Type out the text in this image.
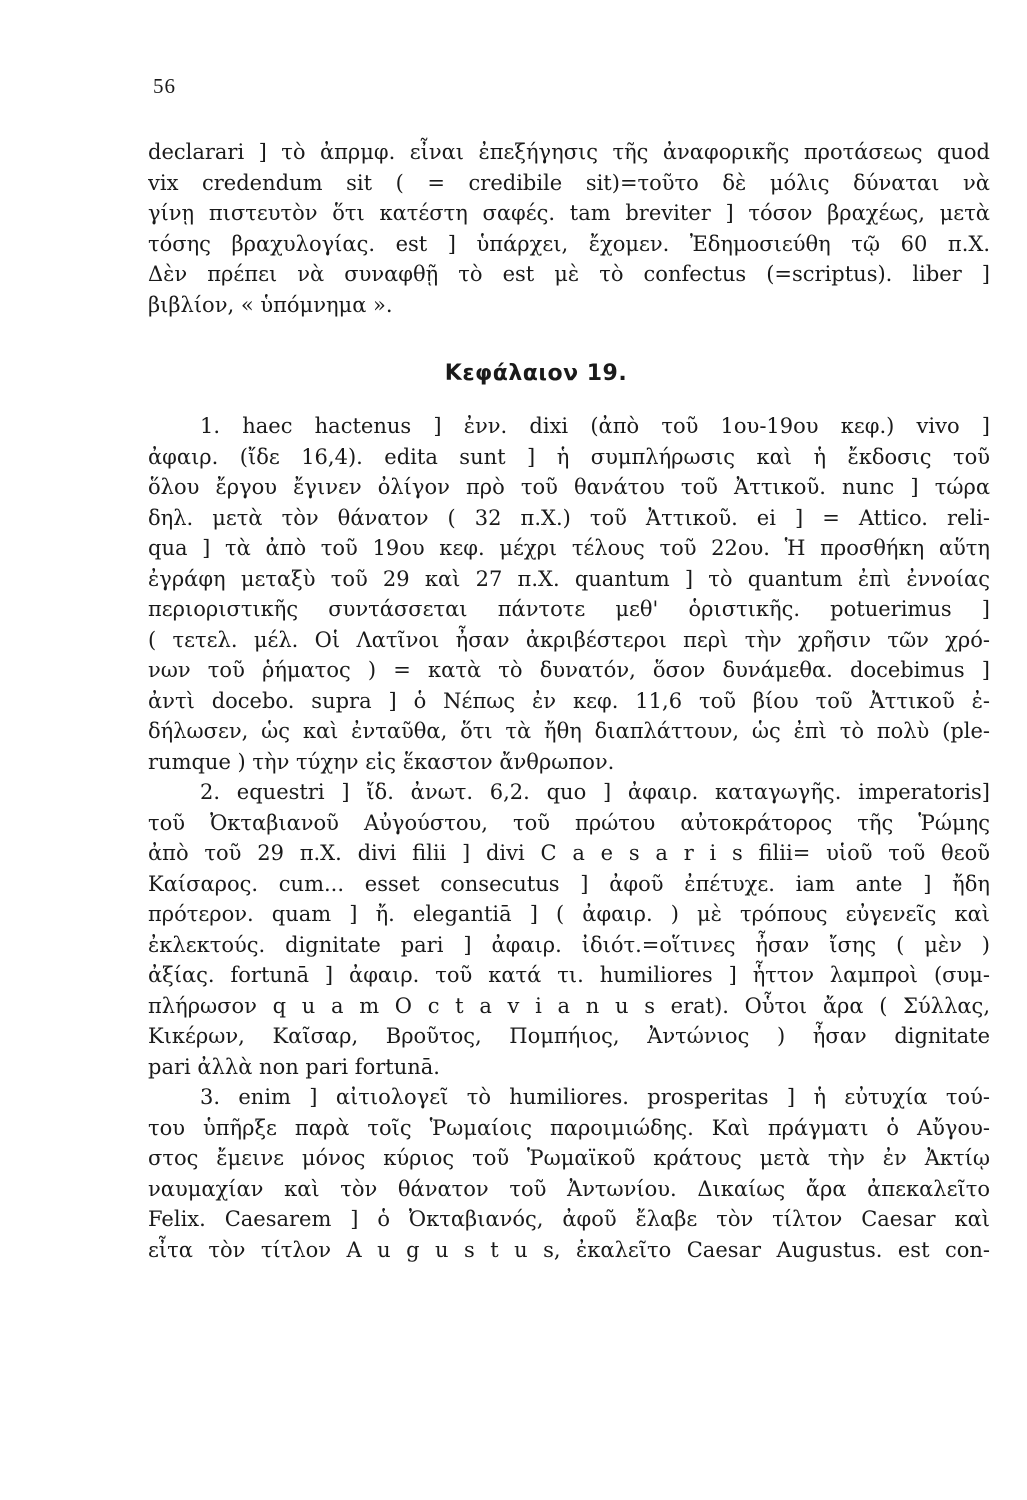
56
declarari ] τὸ ἀπρμφ. εἶναι ἐπεξήγησις τῆς ἀναφορικῆς προτάσεως quod
vix credendum sit ( = credibile sit)=τοῦτο δὲ μόλις δύναται νὰ
γίνῃ πιστευτὸν ὅτι κατέστη σαφές. tam breviter ] τόσον βραχέως, μετὰ
τόσης βραχυλογίας. est ] ὑπάρχει, ἔχομεν. Ἐδημοσιεύθη τῷ 60 π.Χ.
Δὲν πρέπει νὰ συναφθῇ τὸ est μὲ τὸ confectus (=scriptus). liber ]
βιβλίον, « ὑπόμνημα ».
Κεφάλαιον 19.
1. haec hactenus ] ἐνν. dixi (ἀπὸ τοῦ 1ου-19ου κεφ.) vivo ]
ἀφαιρ. (ἴδε 16,4). edita sunt ] ἡ συμπλήρωσις καὶ ἡ ἔκδοσις τοῦ
ὅλου ἔργου ἔγινεν ὀλίγον πρὸ τοῦ θανάτου τοῦ Ἀττικοῦ. nunc ] τώρα
δηλ. μετὰ τὸν θάνατον ( 32 π.Χ.) τοῦ Ἀττικοῦ. ei ] = Attico. reli-
qua ] τὰ ἀπὸ τοῦ 19ου κεφ. μέχρι τέλους τοῦ 22ου. Ἡ προσθήκη αὕτη
ἐγράφη μεταξὺ τοῦ 29 καὶ 27 π.Χ. quantum ] τὸ quantum ἐπὶ ἐννοίας
περιοριστικῆς συντάσσεται πάντοτε μεθ' ὁριστικῆς. potuerimus ]
( τετελ. μέλ. Οἱ Λατῖνοι ἦσαν ἀκριβέστεροι περὶ τὴν χρῆσιν τῶν χρό-
νων τοῦ ῥήματος ) = κατὰ τὸ δυνατόν, ὅσον δυνάμεθα. docebimus ]
ἀντὶ docebo. supra ] ὁ Νέπως ἐν κεφ. 11,6 τοῦ βίου τοῦ Ἀττικοῦ ἐ-
δήλωσεν, ὡς καὶ ἐνταῦθα, ὅτι τὰ ἤθη διαπλάττουν, ὡς ἐπὶ τὸ πολὺ (ple-
rumque ) τὴν τύχην εἰς ἕκαστον ἄνθρωπον.
2. equestri ] ἴδ. ἀνωτ. 6,2. quo ] ἀφαιρ. καταγωγῆς. imperatoris]
τοῦ Ὀκταβιανοῦ Αὐγούστου, τοῦ πρώτου αὐτοκράτορος τῆς Ῥώμης
ἀπὸ τοῦ 29 π.Χ. divi filii ] divi C a e s a r i s filii= υἱοῦ τοῦ θεοῦ
Καίσαρος. cum... esset consecutus ] ἀφοῦ ἐπέτυχε. iam ante ] ἤδη
πρότερον. quam ] ἤ. elegantiā ] ( ἀφαιρ. ) μὲ τρόπους εὐγενεῖς καὶ
ἐκλεκτούς. dignitate pari ] ἀφαιρ. ἰδιότ.=οἵτινες ἦσαν ἴσης ( μὲν )
ἀξίας. fortunā ] ἀφαιρ. τοῦ κατά τι. humiliores ] ἧττον λαμπροὶ (συμ-
πλήρωσον q u a m O c t a v i a n u s erat). Οὗτοι ἄρα ( Σύλλας,
Κικέρων, Καῖσαρ, Βροῦτος, Πομπήιος, Ἀντώνιος ) ἦσαν dignitate
pari ἀλλὰ non pari fortunā.
3. enim ] αἰτιολογεῖ τὸ humiliores. prosperitas ] ἡ εὐτυχία τού-
του ὑπῆρξε παρὰ τοῖς Ῥωμαίοις παροιμιώδης. Καὶ πράγματι ὁ Αὔγου-
στος ἔμεινε μόνος κύριος τοῦ Ῥωμαϊκοῦ κράτους μετὰ τὴν ἐν Ἀκτίῳ
ναυμαχίαν καὶ τὸν θάνατον τοῦ Ἀντωνίου. Δικαίως ἄρα ἀπεκαλεῖτο
Felix. Caesarem ] ὁ Ὀκταβιανός, ἀφοῦ ἔλαβε τὸν τίλτον Caesar καὶ
εἶτα τὸν τίτλον A u g u s t u s, ἐκαλεῖτο Caesar Augustus. est con-
